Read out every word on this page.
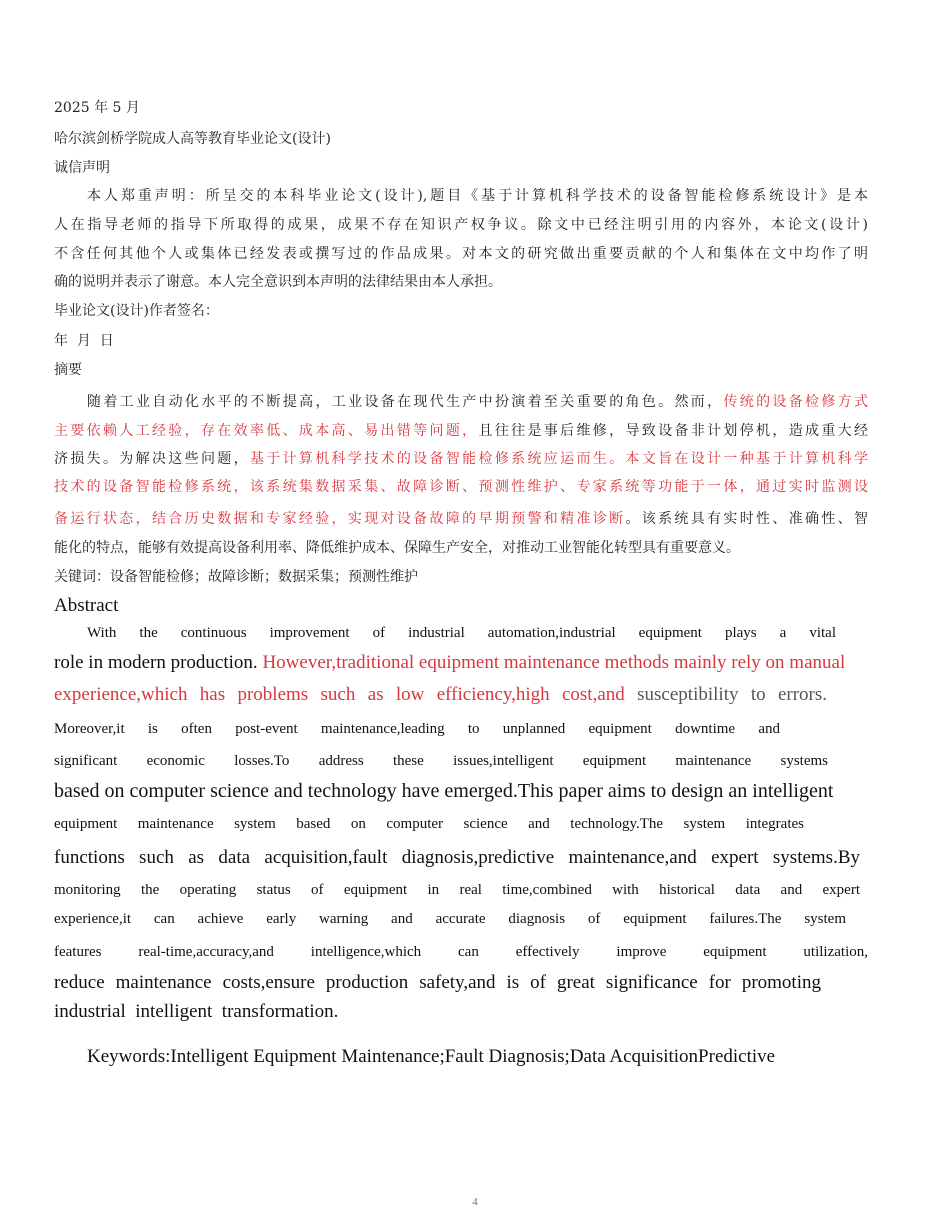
2025 年 5 月
哈尔滨剑桥学院成人高等教育毕业论文(设计)
诚信声明
本人郑重声明：所呈交的本科毕业论文(设计),题目《基于计算机科学技术的设备智能检修系统设计》是本
人在指导老师的指导下所取得的成果，成果不存在知识产权争议。除文中已经注明引用的内容外，本论文(设计)
不含任何其他个人或集体已经发表或撰写过的作品成果。对本文的研究做出重要贡献的个人和集体在文中均作了明
确的说明并表示了谢意。本人完全意识到本声明的法律结果由本人承担。
毕业论文(设计)作者签名：
年  月  日
摘要
随着工业自动化水平的不断提高，工业设备在现代生产中扮演着至关重要的角色。然而，传统的设备检修方式
主要依赖人工经验，存在效率低、成本高、易出错等问题，且往往是事后维修，导致设备非计划停机，造成重大经
济损失。为解决这些问题，基于计算机科学技术的设备智能检修系统应运而生。本文旨在设计一种基于计算机科学
技术的设备智能检修系统，该系统集数据采集、故障诊断、预测性维护、专家系统等功能于一体，通过实时监测设
备运行状态，结合历史数据和专家经验，实现对设备故障的早期预警和精准诊断。该系统具有实时性、准确性、智
能化的特点，能够有效提高设备利用率、降低维护成本、保障生产安全，对推动工业智能化转型具有重要意义。
关键词：设备智能检修；故障诊断；数据采集；预测性维护
Abstract
With the continuous improvement of industrial automation,industrial equipment plays a vital
role in modern production. However,traditional equipment maintenance methods mainly rely on manual
experience,which has problems such as low efficiency,high cost,and susceptibility to errors.
Moreover,it is often post-event maintenance,leading to unplanned equipment downtime and
significant economic losses.To address these issues,intelligent equipment maintenance systems
based on computer science and technology have emerged.This paper aims to design an intelligent
equipment maintenance system based on computer science and technology.The system integrates
functions such as data acquisition,fault diagnosis,predictive maintenance,and expert systems.By
monitoring the operating status of equipment in real time,combined with historical data and expert
experience,it can achieve early warning and accurate diagnosis of equipment failures.The system
features real-time,accuracy,and intelligence,which can effectively improve equipment utilization,
reduce maintenance costs,ensure production safety,and is of great significance for promoting
industrial  intelligent  transformation.
Keywords:Intelligent Equipment Maintenance;Fault Diagnosis;Data AcquisitionPredictive
4
